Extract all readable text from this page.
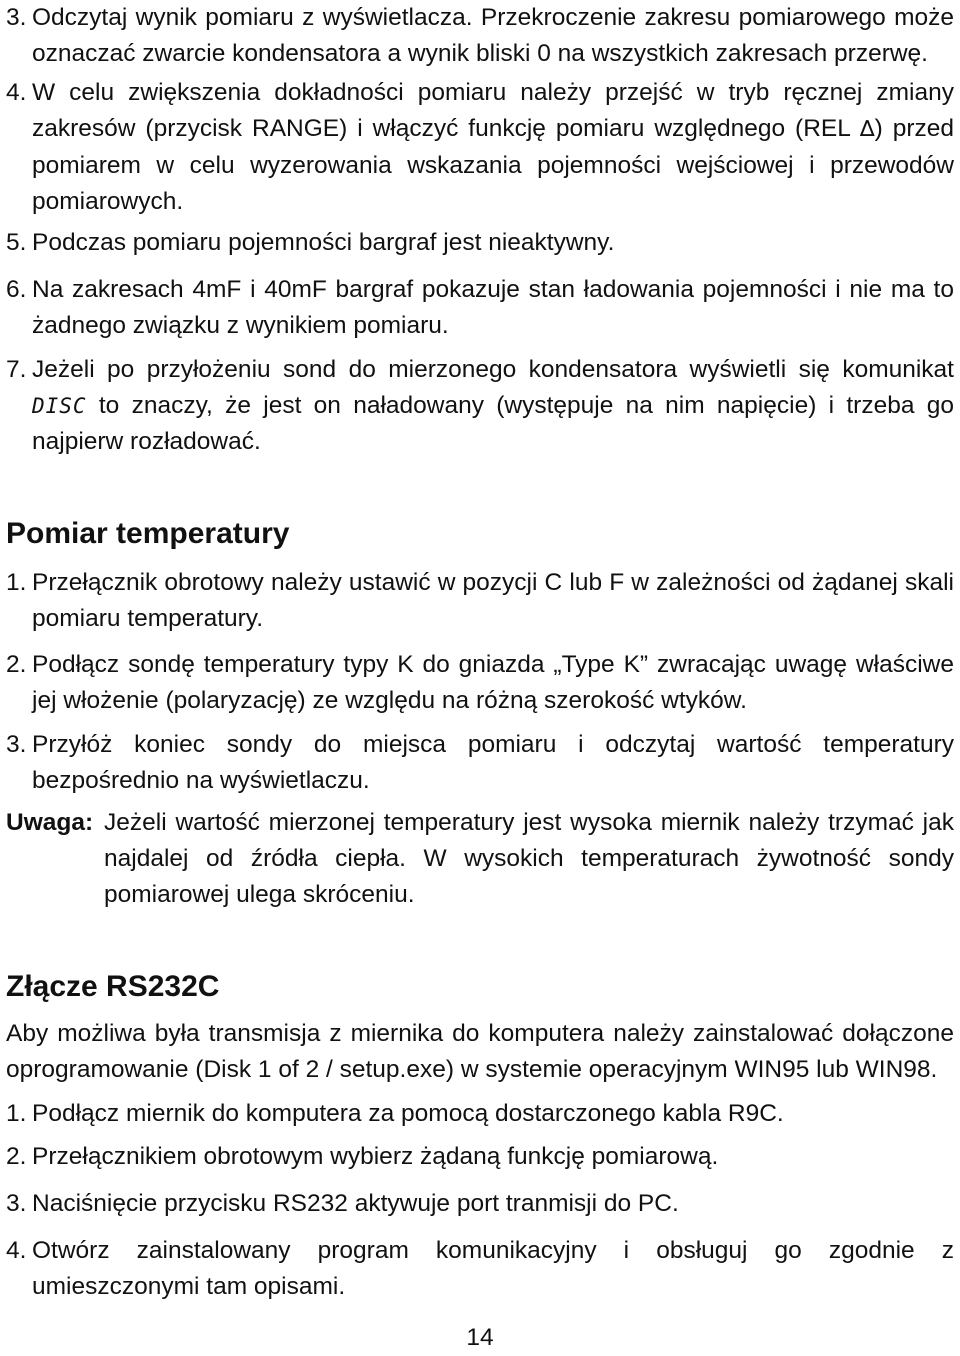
3. Odczytaj wynik pomiaru z wyświetlacza. Przekroczenie zakresu pomiarowego może oznaczać zwarcie kondensatora a wynik bliski 0 na wszystkich zakresach przerwę.
4. W celu zwiększenia dokładności pomiaru należy przejść w tryb ręcznej zmiany zakresów (przycisk RANGE) i włączyć funkcję pomiaru względnego (REL ∆) przed pomiarem w celu wyzerowania wskazania pojemności wejściowej i przewodów pomiarowych.
5. Podczas pomiaru pojemności bargraf jest nieaktywny.
6. Na zakresach 4mF i 40mF bargraf pokazuje stan ładowania pojemności i nie ma to żadnego związku z wynikiem pomiaru.
7. Jeżeli po przyłożeniu sond do mierzonego kondensatora wyświetli się komunikat DISC to znaczy, że jest on naładowany (występuje na nim napięcie) i trzeba go najpierw rozładować.
Pomiar temperatury
1. Przełącznik obrotowy należy ustawić w pozycji C lub F w zależności od żądanej skali pomiaru temperatury.
2. Podłącz sondę temperatury typy K do gniazda „Type K” zwracając uwagę właściwe jej włożenie (polaryzację) ze względu na różną szerokość wtyków.
3. Przyłóż koniec sondy do miejsca pomiaru i odczytaj wartość temperatury bezpośrednio na wyświetlaczu.
Uwaga: Jeżeli wartość mierzonej temperatury jest wysoka miernik należy trzymać jak najdalej od źródła ciepła. W wysokich temperaturach żywotność sondy pomiarowej ulega skróceniu.
Złącze RS232C
Aby możliwa była transmisja z miernika do komputera należy zainstalować dołączone oprogramowanie (Disk 1 of 2 / setup.exe) w systemie operacyjnym WIN95 lub WIN98.
1. Podłącz miernik do komputera za pomocą dostarczonego kabla R9C.
2. Przełącznikiem obrotowym wybierz żądaną funkcję pomiarową.
3. Naciśnięcie przycisku RS232 aktywuje port tranmisji do PC.
4. Otwórz zainstalowany program komunikacyjny i obsługuj go zgodnie z umieszczonymi tam opisami.
14
